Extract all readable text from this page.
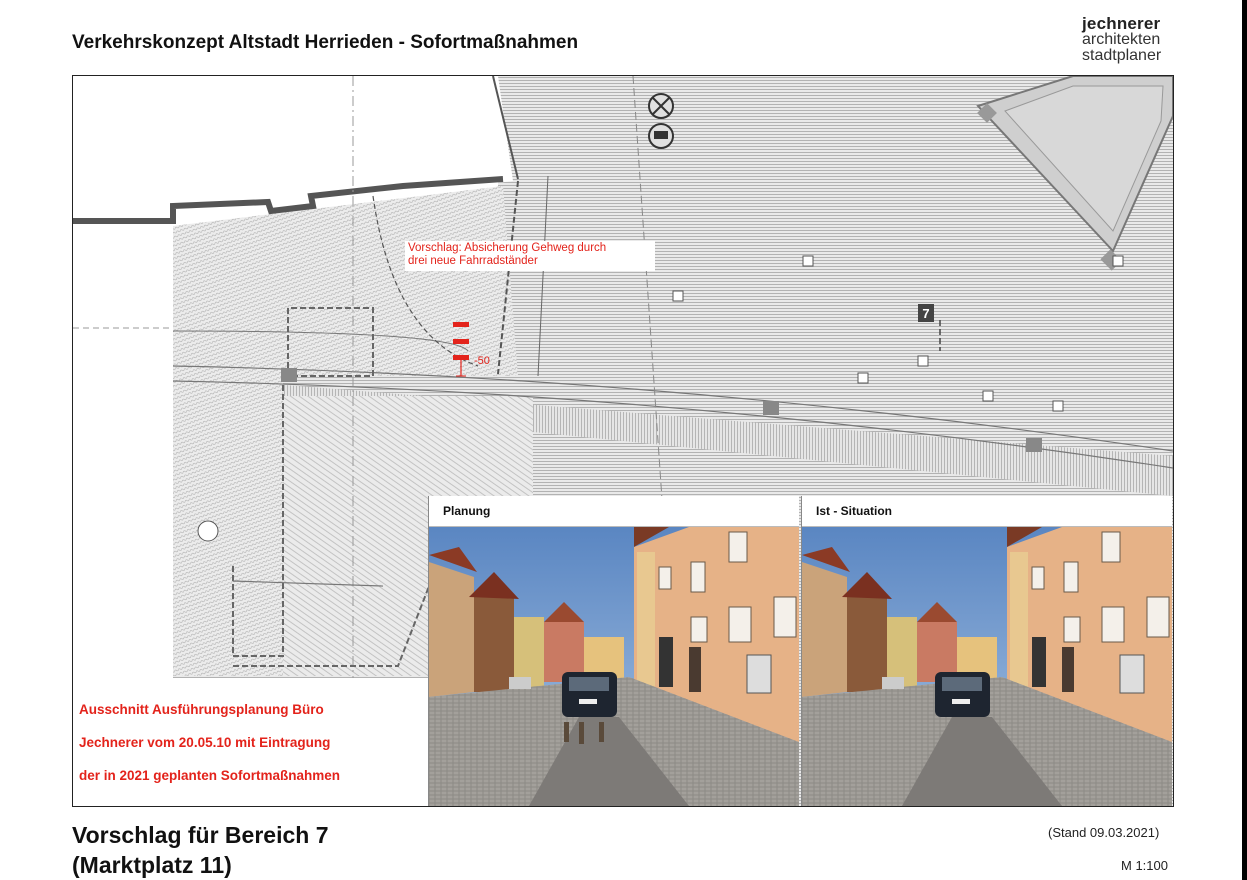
Verkehrskonzept Altstadt Herrieden - Sofortmaßnahmen
jechnerer
architekten
stadtplaner
7
Vorschlag: Absicherung Gehweg durch
drei neue Fahrradständer
-50
Ausschnitt Ausführungsplanung Büro
Jechnerer vom 20.05.10 mit Eintragung
der in 2021 geplanten Sofortmaßnahmen
Planung	Ist - Situation
Vorschlag für Bereich 7
(Marktplatz 11)
(Stand 09.03.2021)
M 1:100
